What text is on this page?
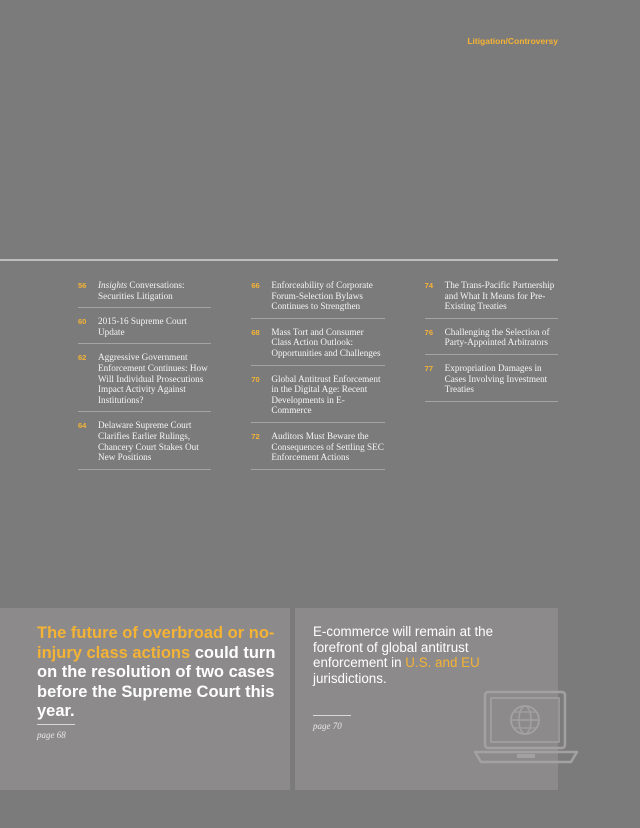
Litigation/Controversy
56	Insights Conversations: Securities Litigation
60	2015-16 Supreme Court Update
62	Aggressive Government Enforcement Continues: How Will Individual Prosecutions Impact Activity Against Institutions?
64	Delaware Supreme Court Clarifies Earlier Rulings, Chancery Court Stakes Out New Positions
66	Enforceability of Corporate Forum-Selection Bylaws Continues to Strengthen
68	Mass Tort and Consumer Class Action Outlook: Opportunities and Challenges
70	Global Antitrust Enforcement in the Digital Age: Recent Developments in E-Commerce
72	Auditors Must Beware the Consequences of Settling SEC Enforcement Actions
74	The Trans-Pacific Partnership and What It Means for Pre-Existing Treaties
76	Challenging the Selection of Party-Appointed Arbitrators
77	Expropriation Damages in Cases Involving Investment Treaties

The future of overbroad or no-injury class actions could turn on the resolution of two cases before the Supreme Court this year.

page 68

E-commerce will remain at the forefront of global antitrust enforcement in U.S. and EU jurisdictions.

page 70
